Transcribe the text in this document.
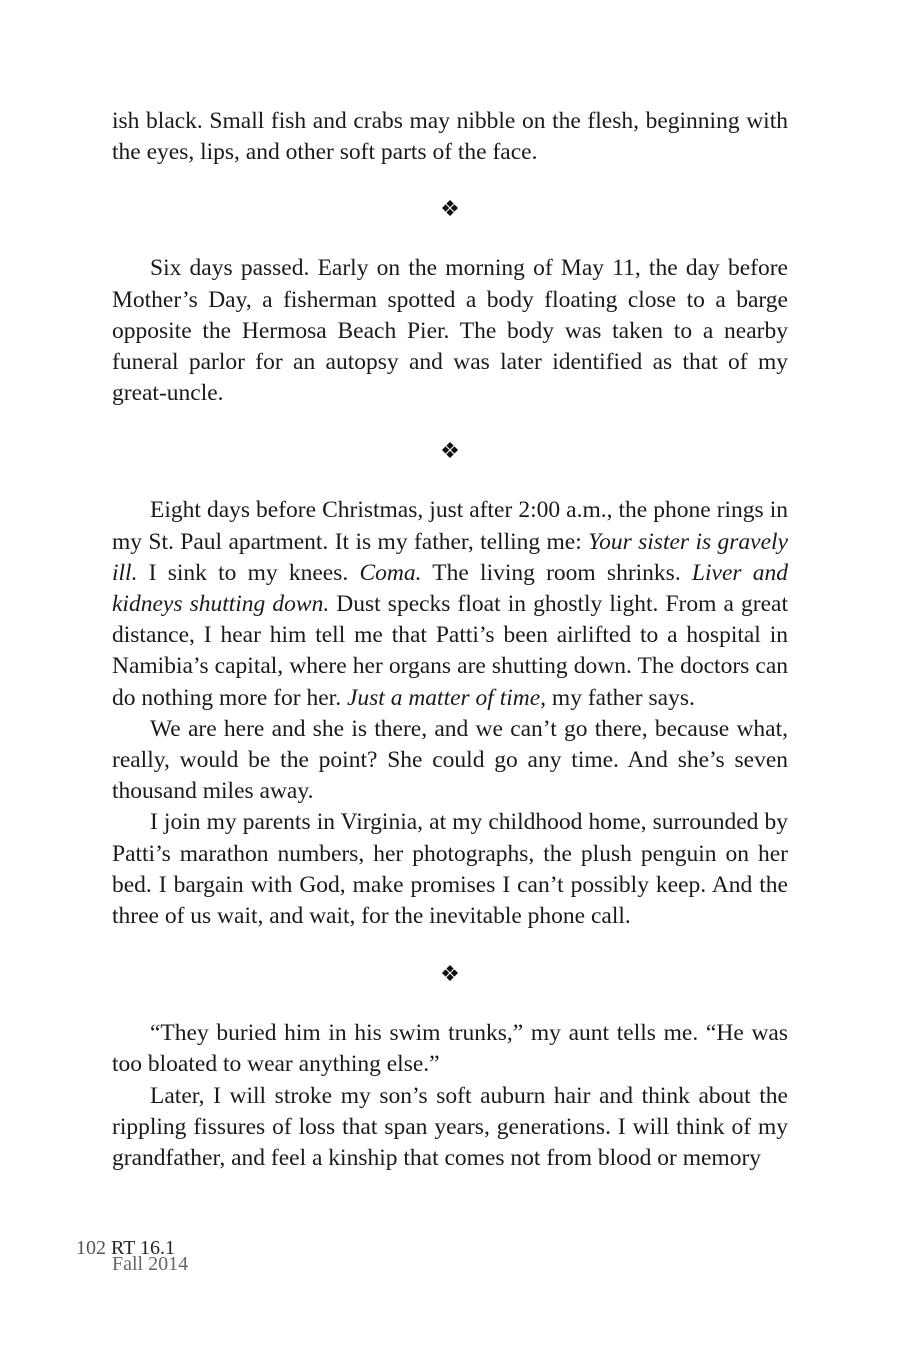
ish black. Small fish and crabs may nibble on the flesh, beginning with the eyes, lips, and other soft parts of the face.

❖

Six days passed. Early on the morning of May 11, the day before Mother’s Day, a fisherman spotted a body floating close to a barge opposite the Hermosa Beach Pier. The body was taken to a nearby funeral parlor for an autopsy and was later identified as that of my great-uncle.

❖

Eight days before Christmas, just after 2:00 a.m., the phone rings in my St. Paul apartment. It is my father, telling me: Your sister is gravely ill. I sink to my knees. Coma. The living room shrinks. Liver and kidneys shutting down. Dust specks float in ghostly light. From a great distance, I hear him tell me that Patti’s been airlifted to a hospital in Namibia’s capital, where her organs are shutting down. The doctors can do nothing more for her. Just a matter of time, my father says.

We are here and she is there, and we can’t go there, because what, really, would be the point? She could go any time. And she’s seven thousand miles away.

I join my parents in Virginia, at my childhood home, surrounded by Patti’s marathon numbers, her photographs, the plush penguin on her bed. I bargain with God, make promises I can’t possibly keep. And the three of us wait, and wait, for the inevitable phone call.

❖

“They buried him in his swim trunks,” my aunt tells me. “He was too bloated to wear anything else.”

Later, I will stroke my son’s soft auburn hair and think about the rippling fissures of loss that span years, generations. I will think of my grandfather, and feel a kinship that comes not from blood or memory

102 RT 16.1
Fall 2014
